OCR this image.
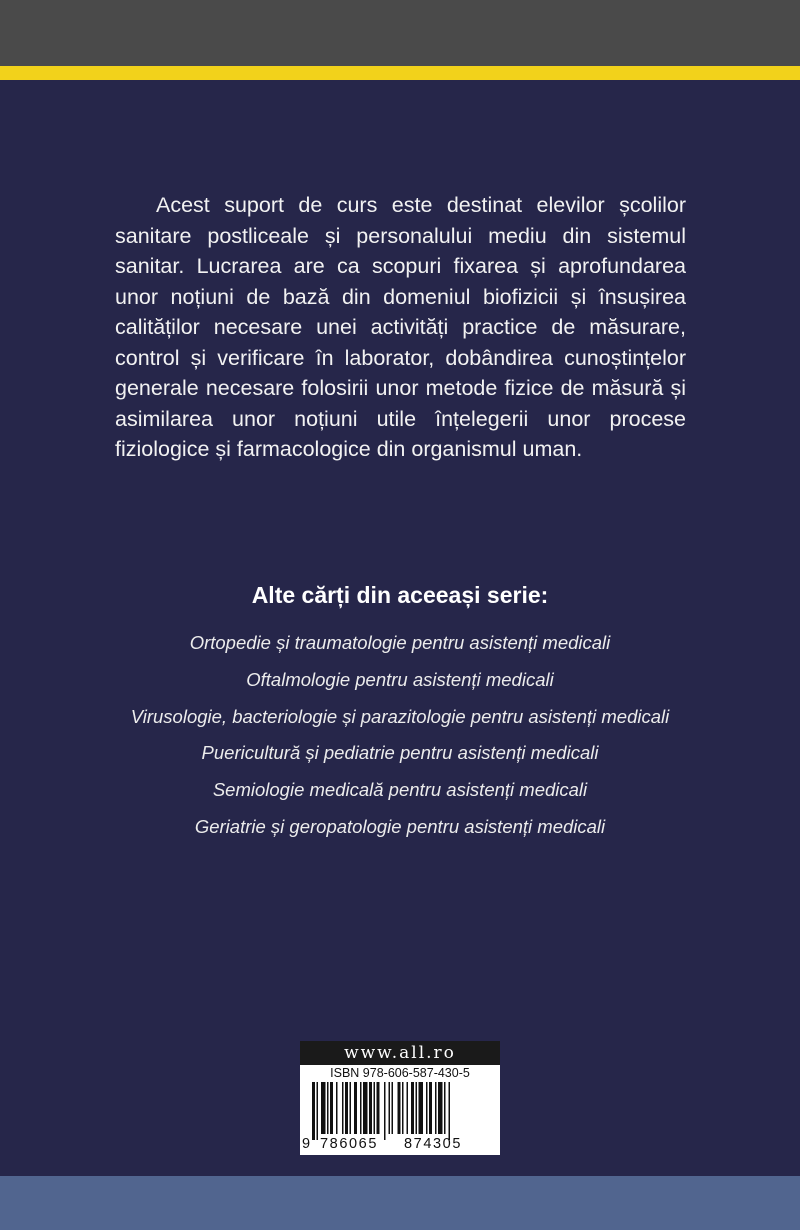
Acest suport de curs este destinat elevilor școlilor sanitare postliceale și personalului mediu din sistemul sanitar. Lucrarea are ca scopuri fixarea și aprofundarea unor noțiuni de bază din domeniul biofizicii și însușirea calităților necesare unei activități practice de măsurare, control și verificare în laborator, dobândirea cunoștințelor generale necesare folosirii unor metode fizice de măsură și asimilarea unor noțiuni utile înțelegerii unor procese fiziologice și farmacologice din organismul uman.

Alte cărți din aceeași serie:
Ortopedie și traumatologie pentru asistenți medicali
Oftalmologie pentru asistenți medicali
Virusologie, bacteriologie și parazitologie pentru asistenți medicali
Puericultură și pediatrie pentru asistenți medicali
Semiologie medicală pentru asistenți medicali
Geriatrie și geropatologie pentru asistenți medicali
www.all.ro
ISBN 978-606-587-430-5
9 786065 874305
